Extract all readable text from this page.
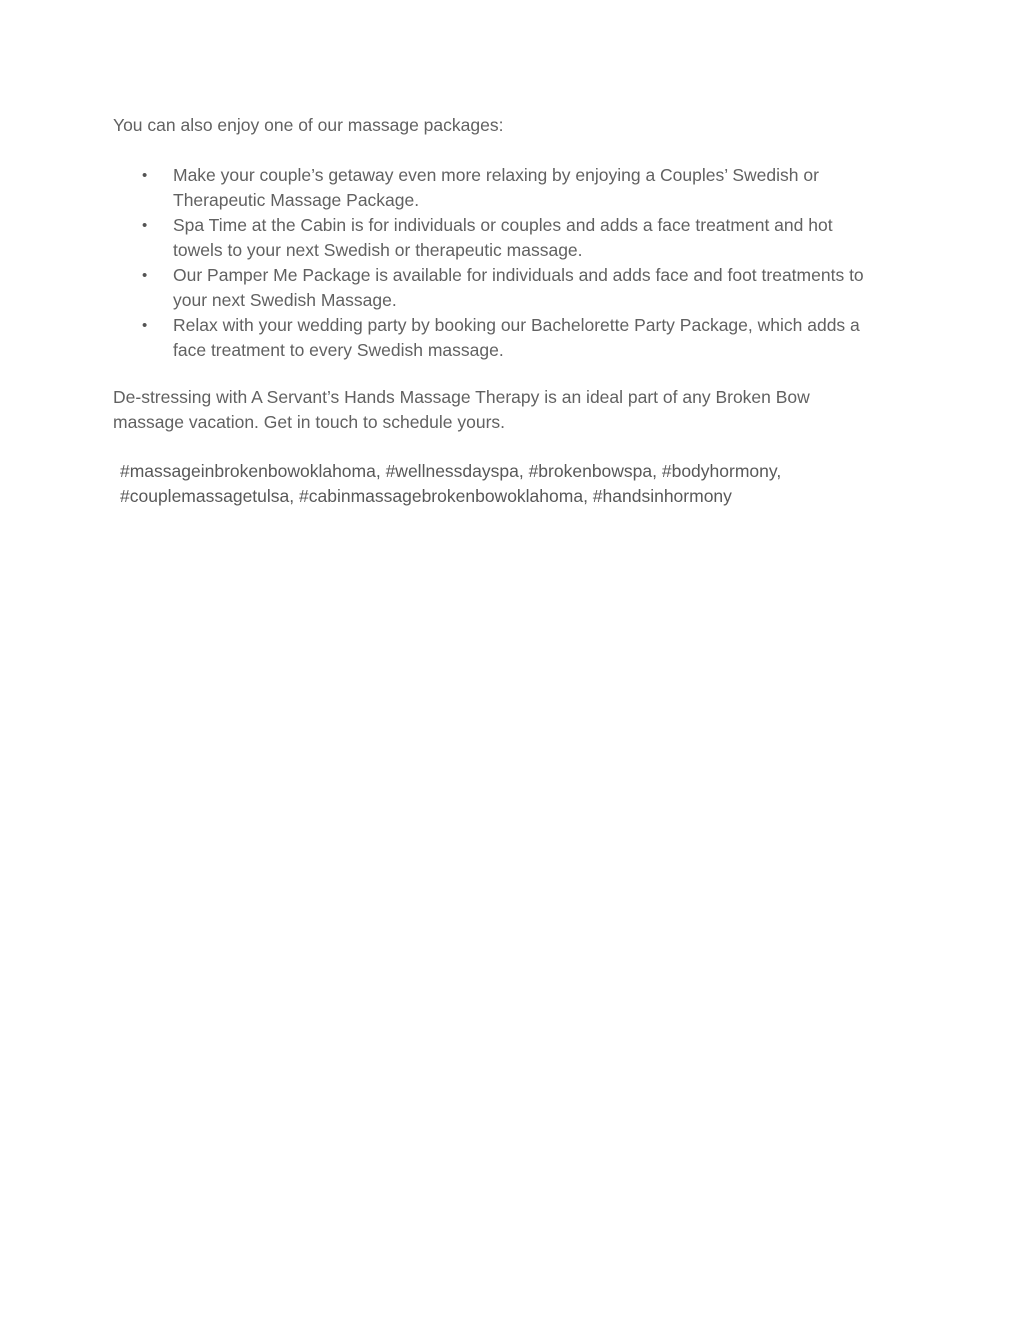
You can also enjoy one of our massage packages:

• Make your couple’s getaway even more relaxing by enjoying a Couples’ Swedish or
Therapeutic Massage Package.
• Spa Time at the Cabin is for individuals or couples and adds a face treatment and hot
towels to your next Swedish or therapeutic massage.
• Our Pamper Me Package is available for individuals and adds face and foot treatments to
your next Swedish Massage.
• Relax with your wedding party by booking our Bachelorette Party Package, which adds a
face treatment to every Swedish massage.

De-stressing with A Servant’s Hands Massage Therapy is an ideal part of any Broken Bow
massage vacation. Get in touch to schedule yours.

#massageinbrokenbowoklahoma, #wellnessdayspa, #brokenbowspa, #bodyhormony,
#couplemassagetulsa, #cabinmassagebrokenbowoklahoma, #handsinhormony
